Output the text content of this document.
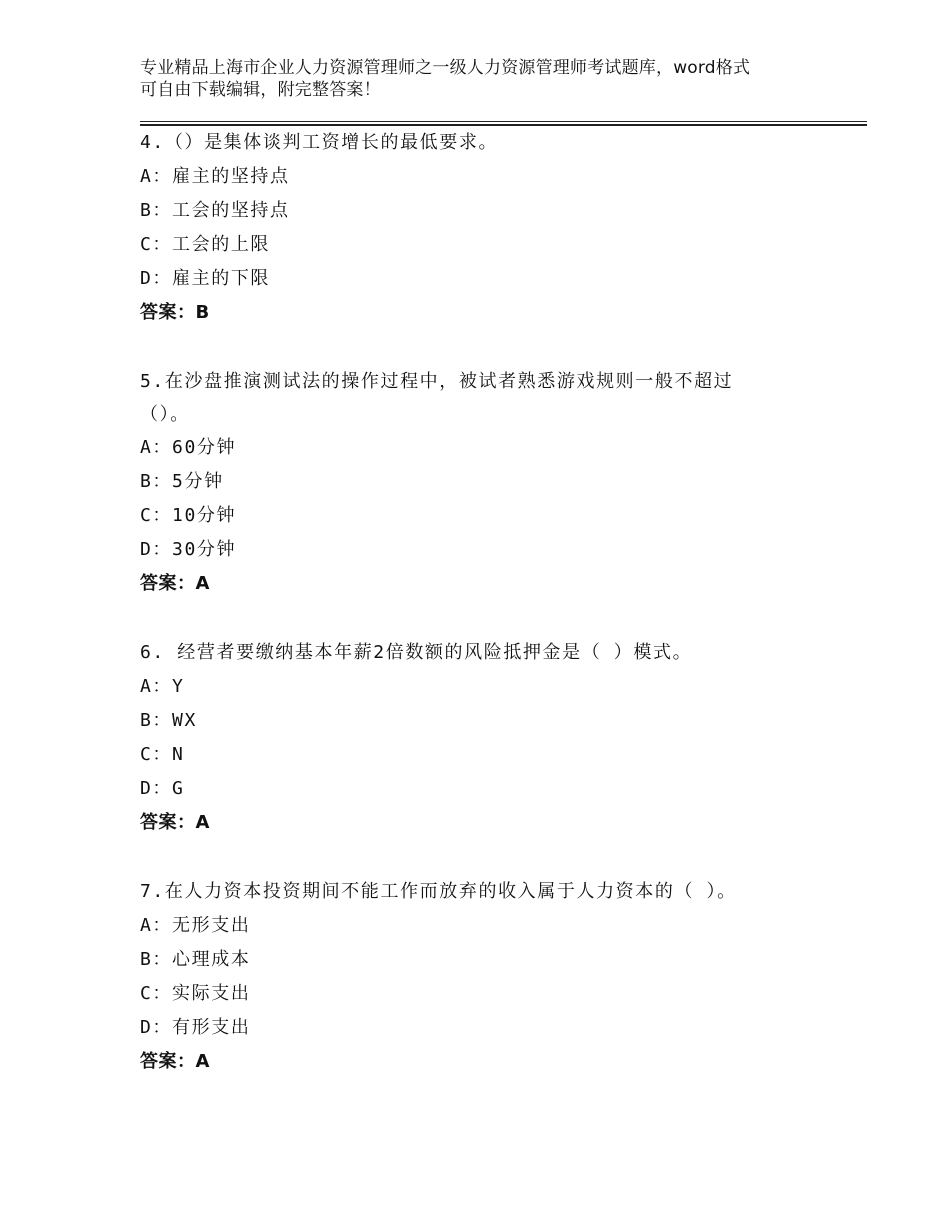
专业精品上海市企业人力资源管理师之一级人力资源管理师考试题库，word格式
可自由下载编辑，附完整答案！
4.（）是集体谈判工资增长的最低要求。
A：雇主的坚持点
B：工会的坚持点
C：工会的上限
D：雇主的下限
答案：B
5.在沙盘推演测试法的操作过程中，被试者熟悉游戏规则一般不超过
（）。
A：60分钟
B：5分钟
C：10分钟
D：30分钟
答案：A
6. 经营者要缴纳基本年薪2倍数额的风险抵押金是（ ）模式。
A：Y
B：WX
C：N
D：G
答案：A
7.在人力资本投资期间不能工作而放弃的收入属于人力资本的（ ）。
A：无形支出
B：心理成本
C：实际支出
D：有形支出
答案：A
